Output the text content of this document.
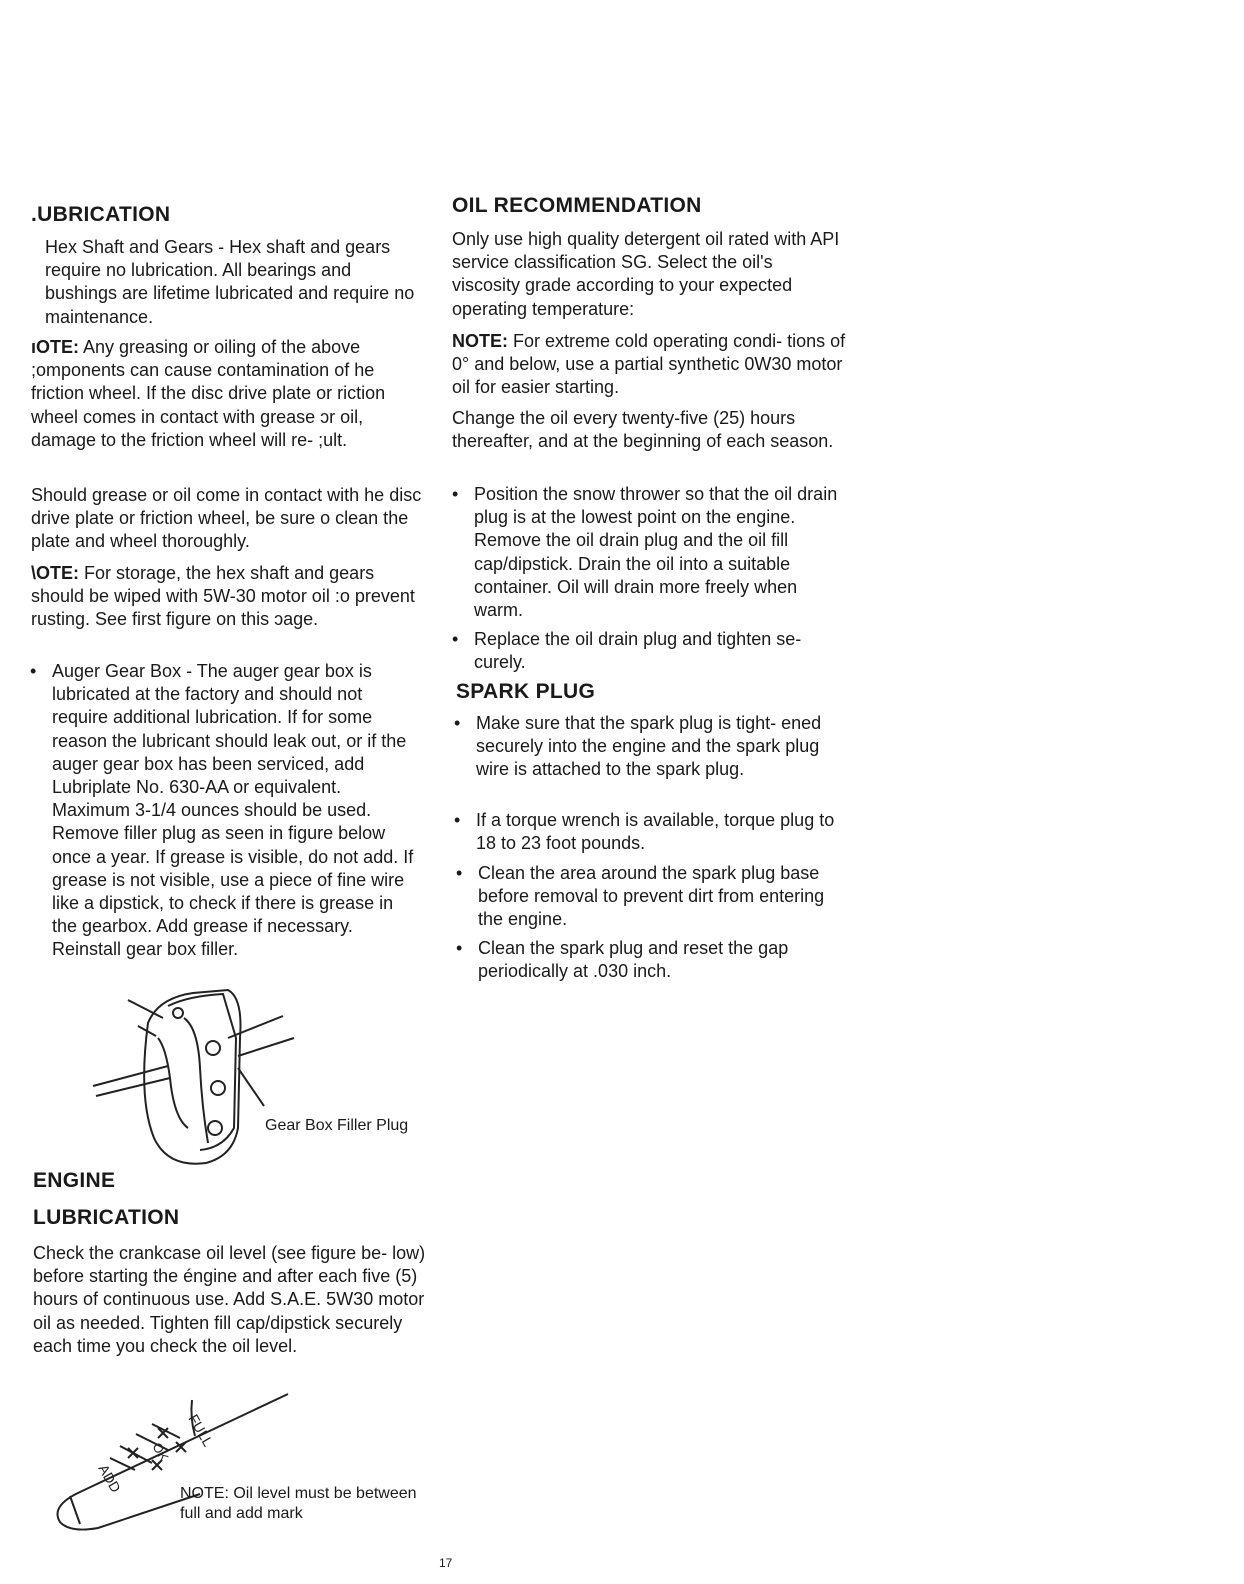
.UBRICATION

Hex Shaft and Gears - Hex shaft and gears require no lubrication. All bearings and bushings are lifetime lubricated and require no maintenance.

ıOTE: Any greasing or oiling of the above ;omponents can cause contamination of he friction wheel. If the disc drive plate or riction wheel comes in contact with grease ɔr oil, damage to the friction wheel will re- ;ult.

Should grease or oil come in contact with he disc drive plate or friction wheel, be sure o clean the plate and wheel thoroughly.

\OTE: For storage, the hex shaft and gears should be wiped with 5W-30 motor oil :o prevent rusting. See first figure on this ɔage.

• Auger Gear Box - The auger gear box is lubricated at the factory and should not require additional lubrication. If for some reason the lubricant should leak out, or if the auger gear box has been serviced, add Lubriplate No. 630-AA or equivalent. Maximum 3-1/4 ounces should be used. Remove filler plug as seen in figure below once a year. If grease is visible, do not add. If grease is not visible, use a piece of fine wire like a dipstick, to check if there is grease in the gearbox. Add grease if necessary. Reinstall gear box filler.
Gear Box Filler Plug
ENGINE
LUBRICATION

Check the crankcase oil level (see figure be- low) before starting the éngine and after each five (5) hours of continuous use. Add S.A.E. 5W30 motor oil as needed. Tighten fill cap/dipstick securely each time you check the oil level.

FULL
ADD
OK
NOTE: Oil level must be between full and add mark
OIL RECOMMENDATION

Only use high quality detergent oil rated with API service classification SG. Select the oil's viscosity grade according to your expected operating temperature:

NOTE: For extreme cold operating condi- tions of 0° and below, use a partial synthetic 0W30 motor oil for easier starting.

Change the oil every twenty-five (25) hours thereafter, and at the beginning of each season.

• Position the snow thrower so that the oil drain plug is at the lowest point on the engine. Remove the oil drain plug and the oil fill cap/dipstick. Drain the oil into a suitable container. Oil will drain more freely when warm.
• Replace the oil drain plug and tighten se- curely.
SPARK PLUG
• Make sure that the spark plug is tight- ened securely into the engine and the spark plug wire is attached to the spark plug.
• If a torque wrench is available, torque plug to 18 to 23 foot pounds.
• Clean the area around the spark plug base before removal to prevent dirt from entering the engine.
• Clean the spark plug and reset the gap periodically at .030 inch.
17
